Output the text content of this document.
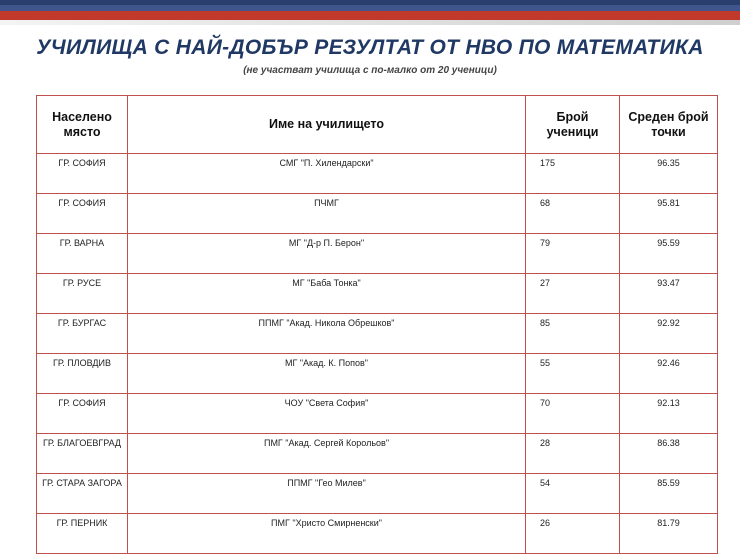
УЧИЛИЩА С НАЙ-ДОБЪР РЕЗУЛТАТ ОТ НВО ПО МАТЕМАТИКА
(не участват училища с по-малко от 20 ученици)
Населено място	Име на училището	Брой ученици	Среден брой точки
ГР. СОФИЯ	СМГ "П. Хилендарски"	175	96.35
ГР. СОФИЯ	ПЧМГ	68	95.81
ГР. ВАРНА	МГ "Д-р П. Берон"	79	95.59
ГР. РУСЕ	МГ "Баба Тонка"	27	93.47
ГР. БУРГАС	ППМГ "Акад. Никола Обрешков"	85	92.92
ГР. ПЛОВДИВ	МГ "Акад. К. Попов"	55	92.46
ГР. СОФИЯ	ЧОУ "Света София"	70	92.13
ГР. БЛАГОЕВГРАД	ПМГ "Акад. Сергей Корольов"	28	86.38
ГР. СТАРА ЗАГОРА	ППМГ "Гео Милев"	54	85.59
ГР. ПЕРНИК	ПМГ "Христо Смирненски"	26	81.79
